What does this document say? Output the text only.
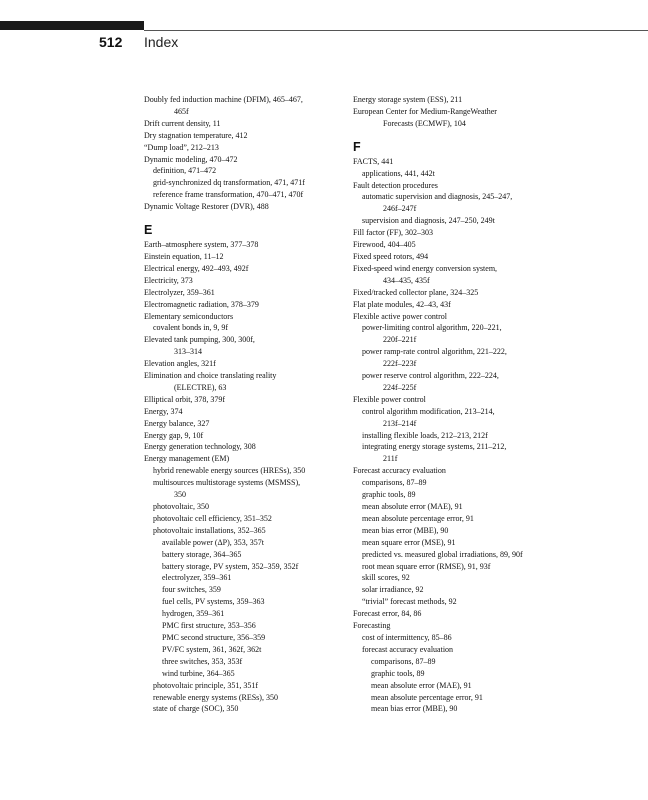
512 Index
Doubly fed induction machine (DFIM), 465–467,
465f
Drift current density, 11
Dry stagnation temperature, 412
“Dump load”, 212–213
Dynamic modeling, 470–472
definition, 471–472
grid-synchronized dq transformation, 471, 471f
reference frame transformation, 470–471, 470f
Dynamic Voltage Restorer (DVR), 488
E
Earth–atmosphere system, 377–378
Einstein equation, 11–12
Electrical energy, 492–493, 492f
Electricity, 373
Electrolyzer, 359–361
Electromagnetic radiation, 378–379
Elementary semiconductors
covalent bonds in, 9, 9f
Elevated tank pumping, 300, 300f,
313–314
Elevation angles, 321f
Elimination and choice translating reality
(ELECTRE), 63
Elliptical orbit, 378, 379f
Energy, 374
Energy balance, 327
Energy gap, 9, 10f
Energy generation technology, 308
Energy management (EM)
hybrid renewable energy sources (HRESs), 350
multisources multistorage systems (MSMSS),
350
photovoltaic, 350
photovoltaic cell efficiency, 351–352
photovoltaic installations, 352–365
available power (ΔP), 353, 357t
battery storage, 364–365
battery storage, PV system, 352–359, 352f
electrolyzer, 359–361
four switches, 359
fuel cells, PV systems, 359–363
hydrogen, 359–361
PMC first structure, 353–356
PMC second structure, 356–359
PV/FC system, 361, 362f, 362t
three switches, 353, 353f
wind turbine, 364–365
photovoltaic principle, 351, 351f
renewable energy systems (RESs), 350
state of charge (SOC), 350
Energy storage system (ESS), 211
European Center for Medium-RangeWeather
Forecasts (ECMWF), 104
F
FACTS, 441
applications, 441, 442t
Fault detection procedures
automatic supervision and diagnosis, 245–247,
246f–247f
supervision and diagnosis, 247–250, 249t
Fill factor (FF), 302–303
Firewood, 404–405
Fixed speed rotors, 494
Fixed-speed wind energy conversion system,
434–435, 435f
Fixed/tracked collector plane, 324–325
Flat plate modules, 42–43, 43f
Flexible active power control
power-limiting control algorithm, 220–221,
220f–221f
power ramp-rate control algorithm, 221–222,
222f–223f
power reserve control algorithm, 222–224,
224f–225f
Flexible power control
control algorithm modification, 213–214,
213f–214f
installing flexible loads, 212–213, 212f
integrating energy storage systems, 211–212,
211f
Forecast accuracy evaluation
comparisons, 87–89
graphic tools, 89
mean absolute error (MAE), 91
mean absolute percentage error, 91
mean bias error (MBE), 90
mean square error (MSE), 91
predicted vs. measured global irradiations, 89, 90f
root mean square error (RMSE), 91, 93f
skill scores, 92
solar irradiance, 92
“trivial” forecast methods, 92
Forecast error, 84, 86
Forecasting
cost of intermittency, 85–86
forecast accuracy evaluation
comparisons, 87–89
graphic tools, 89
mean absolute error (MAE), 91
mean absolute percentage error, 91
mean bias error (MBE), 90
